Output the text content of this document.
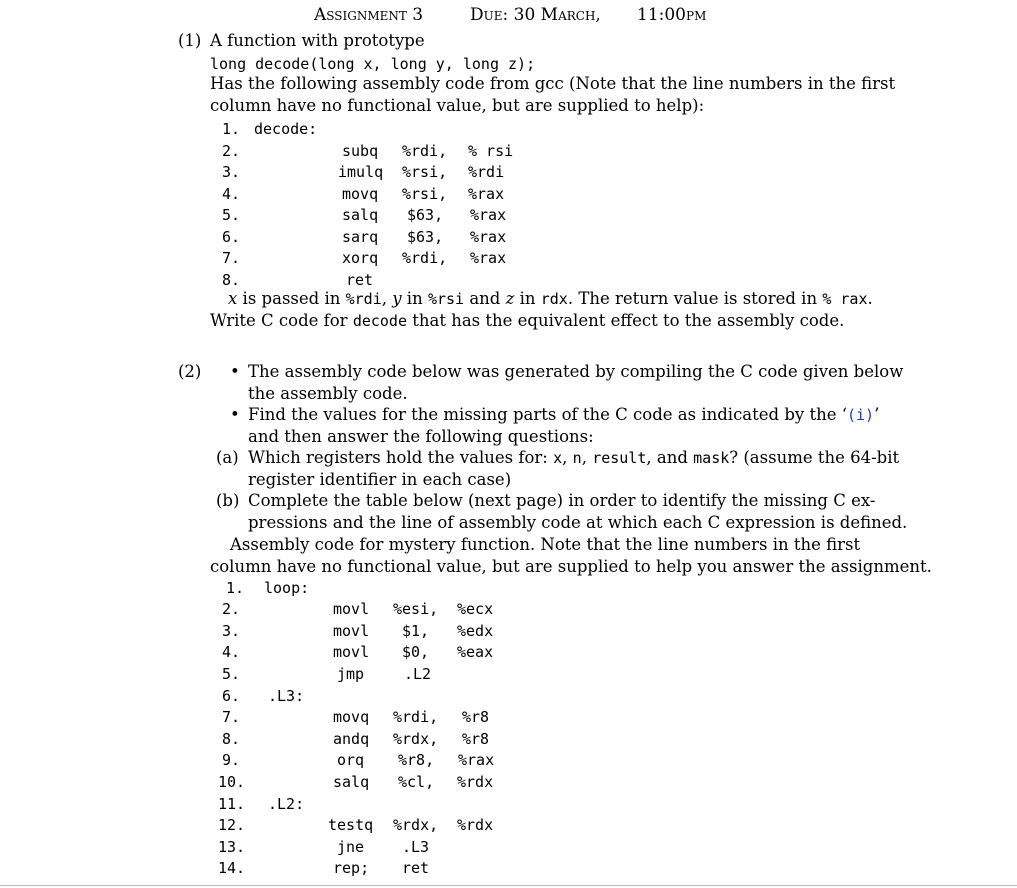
Assignment 3	Due: 30 March, 11:00pm
(1) A function with prototype
long decode(long x, long y, long z);
Has the following assembly code from gcc (Note that the line numbers in the first
column have no functional value, but are supplied to help):
1. decode:
2.	subq %rdi, % rsi
3.	imulq %rsi, %rdi
4.	movq %rsi, %rax
5.	salq $63, %rax
6.	sarq $63, %rax
7.	xorq %rdi, %rax
8.	ret
x is passed in %rdi, y in %rsi and z in rdx. The return value is stored in % rax.
Write C code for decode that has the equivalent effect to the assembly code.
(2) • The assembly code below was generated by compiling the C code given below
the assembly code.
• Find the values for the missing parts of the C code as indicated by the ‘(i)’
and then answer the following questions:
(a) Which registers hold the values for: x, n, result, and mask? (assume the 64-bit
register identifier in each case)
(b) Complete the table below (next page) in order to identify the missing C ex-
pressions and the line of assembly code at which each C expression is defined.
Assembly code for mystery function. Note that the line numbers in the first
column have no functional value, but are supplied to help you answer the assignment.
1. loop:
2.	movl %esi, %ecx
3.	movl $1, %edx
4.	movl $0, %eax
5.	jmp	.L2
6. .L3:
7.	movq %rdi, %r8
8.	andq %rdx, %r8
9.	orq %r8, %rax
10.	salq %cl, %rdx
11. .L2:
12.	testq %rdx, %rdx
13.	jne	.L3
14.	rep; ret
